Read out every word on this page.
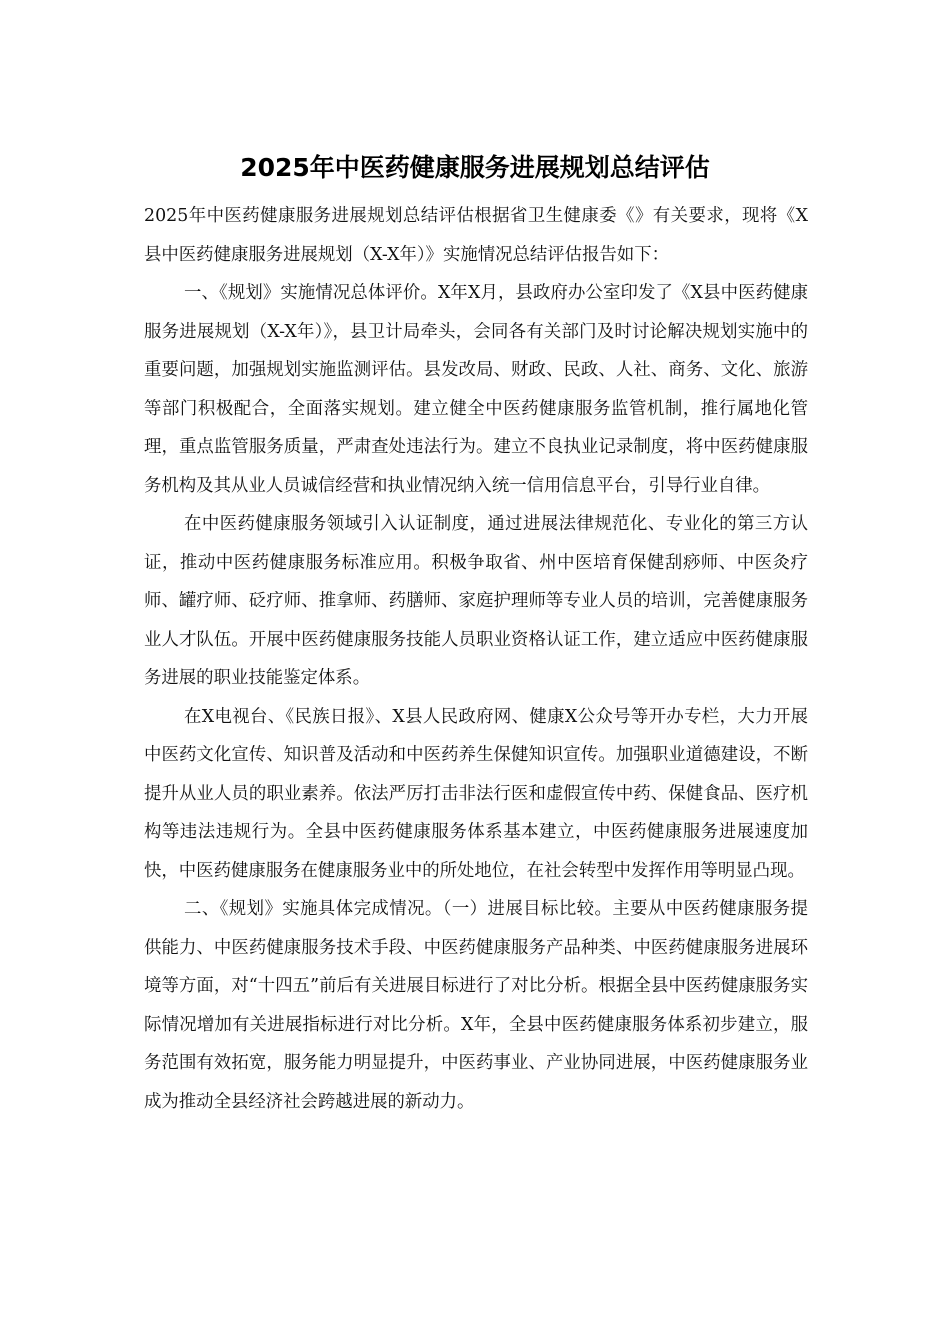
2025年中医药健康服务进展规划总结评估

2025年中医药健康服务进展规划总结评估根据省卫生健康委《》有关要求，现将《X县中医药健康服务进展规划（X-X年）》实施情况总结评估报告如下：

一、《规划》实施情况总体评价。X年X月，县政府办公室印发了《X县中医药健康服务进展规划（X-X年）》，县卫计局牵头，会同各有关部门及时讨论解决规划实施中的重要问题，加强规划实施监测评估。县发改局、财政、民政、人社、商务、文化、旅游等部门积极配合，全面落实规划。建立健全中医药健康服务监管机制，推行属地化管理，重点监管服务质量，严肃查处违法行为。建立不良执业记录制度，将中医药健康服务机构及其从业人员诚信经营和执业情况纳入统一信用信息平台，引导行业自律。

在中医药健康服务领域引入认证制度，通过进展法律规范化、专业化的第三方认证，推动中医药健康服务标准应用。积极争取省、州中医培育保健刮痧师、中医灸疗师、罐疗师、砭疗师、推拿师、药膳师、家庭护理师等专业人员的培训，完善健康服务业人才队伍。开展中医药健康服务技能人员职业资格认证工作，建立适应中医药健康服务进展的职业技能鉴定体系。

在X电视台、《民族日报》、X县人民政府网、健康X公众号等开办专栏，大力开展中医药文化宣传、知识普及活动和中医药养生保健知识宣传。加强职业道德建设，不断提升从业人员的职业素养。依法严厉打击非法行医和虚假宣传中药、保健食品、医疗机构等违法违规行为。全县中医药健康服务体系基本建立，中医药健康服务进展速度加快，中医药健康服务在健康服务业中的所处地位，在社会转型中发挥作用等明显凸现。

二、《规划》实施具体完成情况。（一）进展目标比较。主要从中医药健康服务提供能力、中医药健康服务技术手段、中医药健康服务产品种类、中医药健康服务进展环境等方面，对“十四五”前后有关进展目标进行了对比分析。根据全县中医药健康服务实际情况增加有关进展指标进行对比分析。X年，全县中医药健康服务体系初步建立，服务范围有效拓宽，服务能力明显提升，中医药事业、产业协同进展，中医药健康服务业成为推动全县经济社会跨越进展的新动力。
